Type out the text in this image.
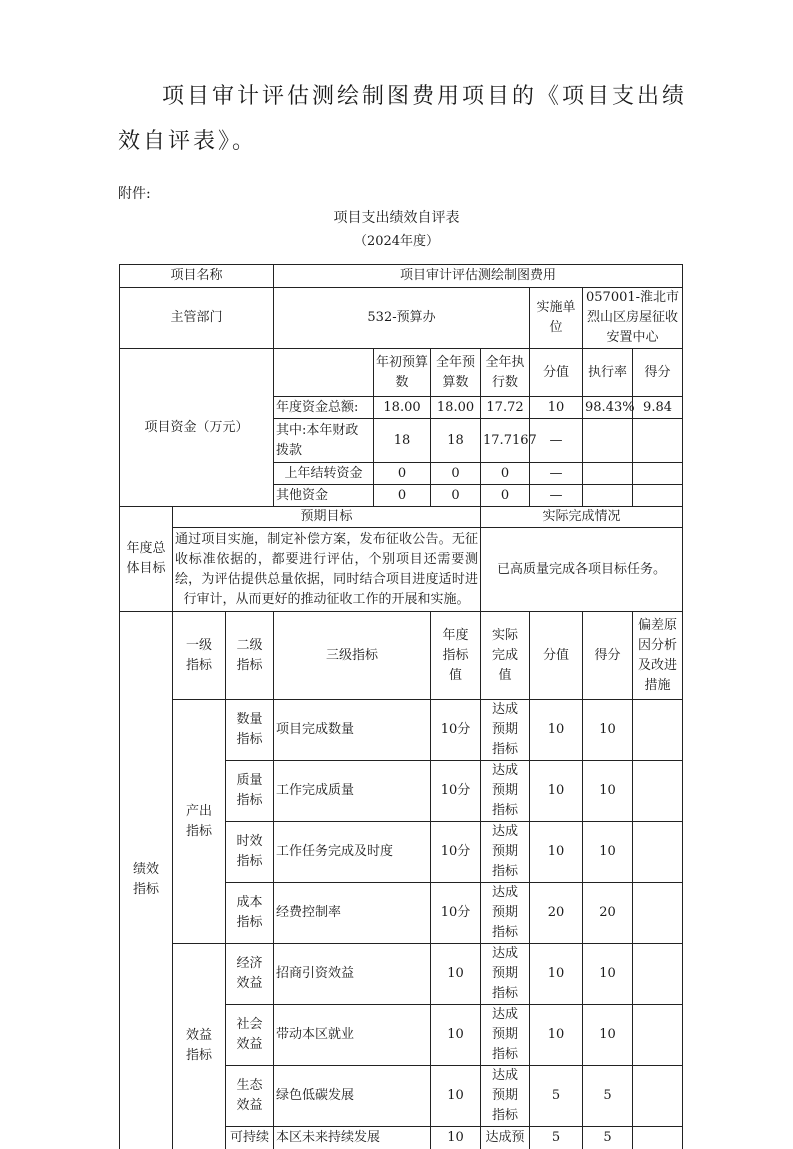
项目审计评估测绘制图费用项目的《项目支出绩效自评表》。

附件:

项目支出绩效自评表

（2024年度）

项目名称			项目审计评估测绘制图费用						
主管部门			532-预算办				实施单位	057001-淮北市烈山区房屋征收安置中心	
项目资金（万元）				年初预算数	全年预算数	全年执行数	分值	执行率	得分
			年度资金总额:	18.00	18.00	17.72	10	98.43%	9.84
			其中:本年财政拨款	18	18	17.7167	—		
			上年结转资金	0	0	0	—		
			其他资金	0	0	0	—		
年度总体目标	预期目标					实际完成情况			
	通过项目实施，制定补偿方案，发布征收公告。无征收标准依据的，都要进行评估，个别项目还需要测绘，为评估提供总量依据，同时结合项目进度适时进行审计，从而更好的推动征收工作的开展和实施。					已高质量完成各项目标任务。			
绩效指标	一级指标	二级指标	三级指标		年度指标值	实际完成值	分值	得分	偏差原因分析及改进措施
	产出指标	数量指标	项目完成数量		10分	达成预期指标	10	10	
		质量指标	工作完成质量		10分	达成预期指标	10	10	
		时效指标	工作任务完成及时度		10分	达成预期指标	10	10	
		成本指标	经费控制率		10分	达成预期指标	20	20	
	效益指标	经济效益	招商引资效益		10	达成预期指标	10	10	
		社会效益	带动本区就业		10	达成预期指标	10	10	
		生态效益	绿色低碳发展		10	达成预期指标	5	5	
		可持续	本区未来持续发展		10	达成预	5	5	
